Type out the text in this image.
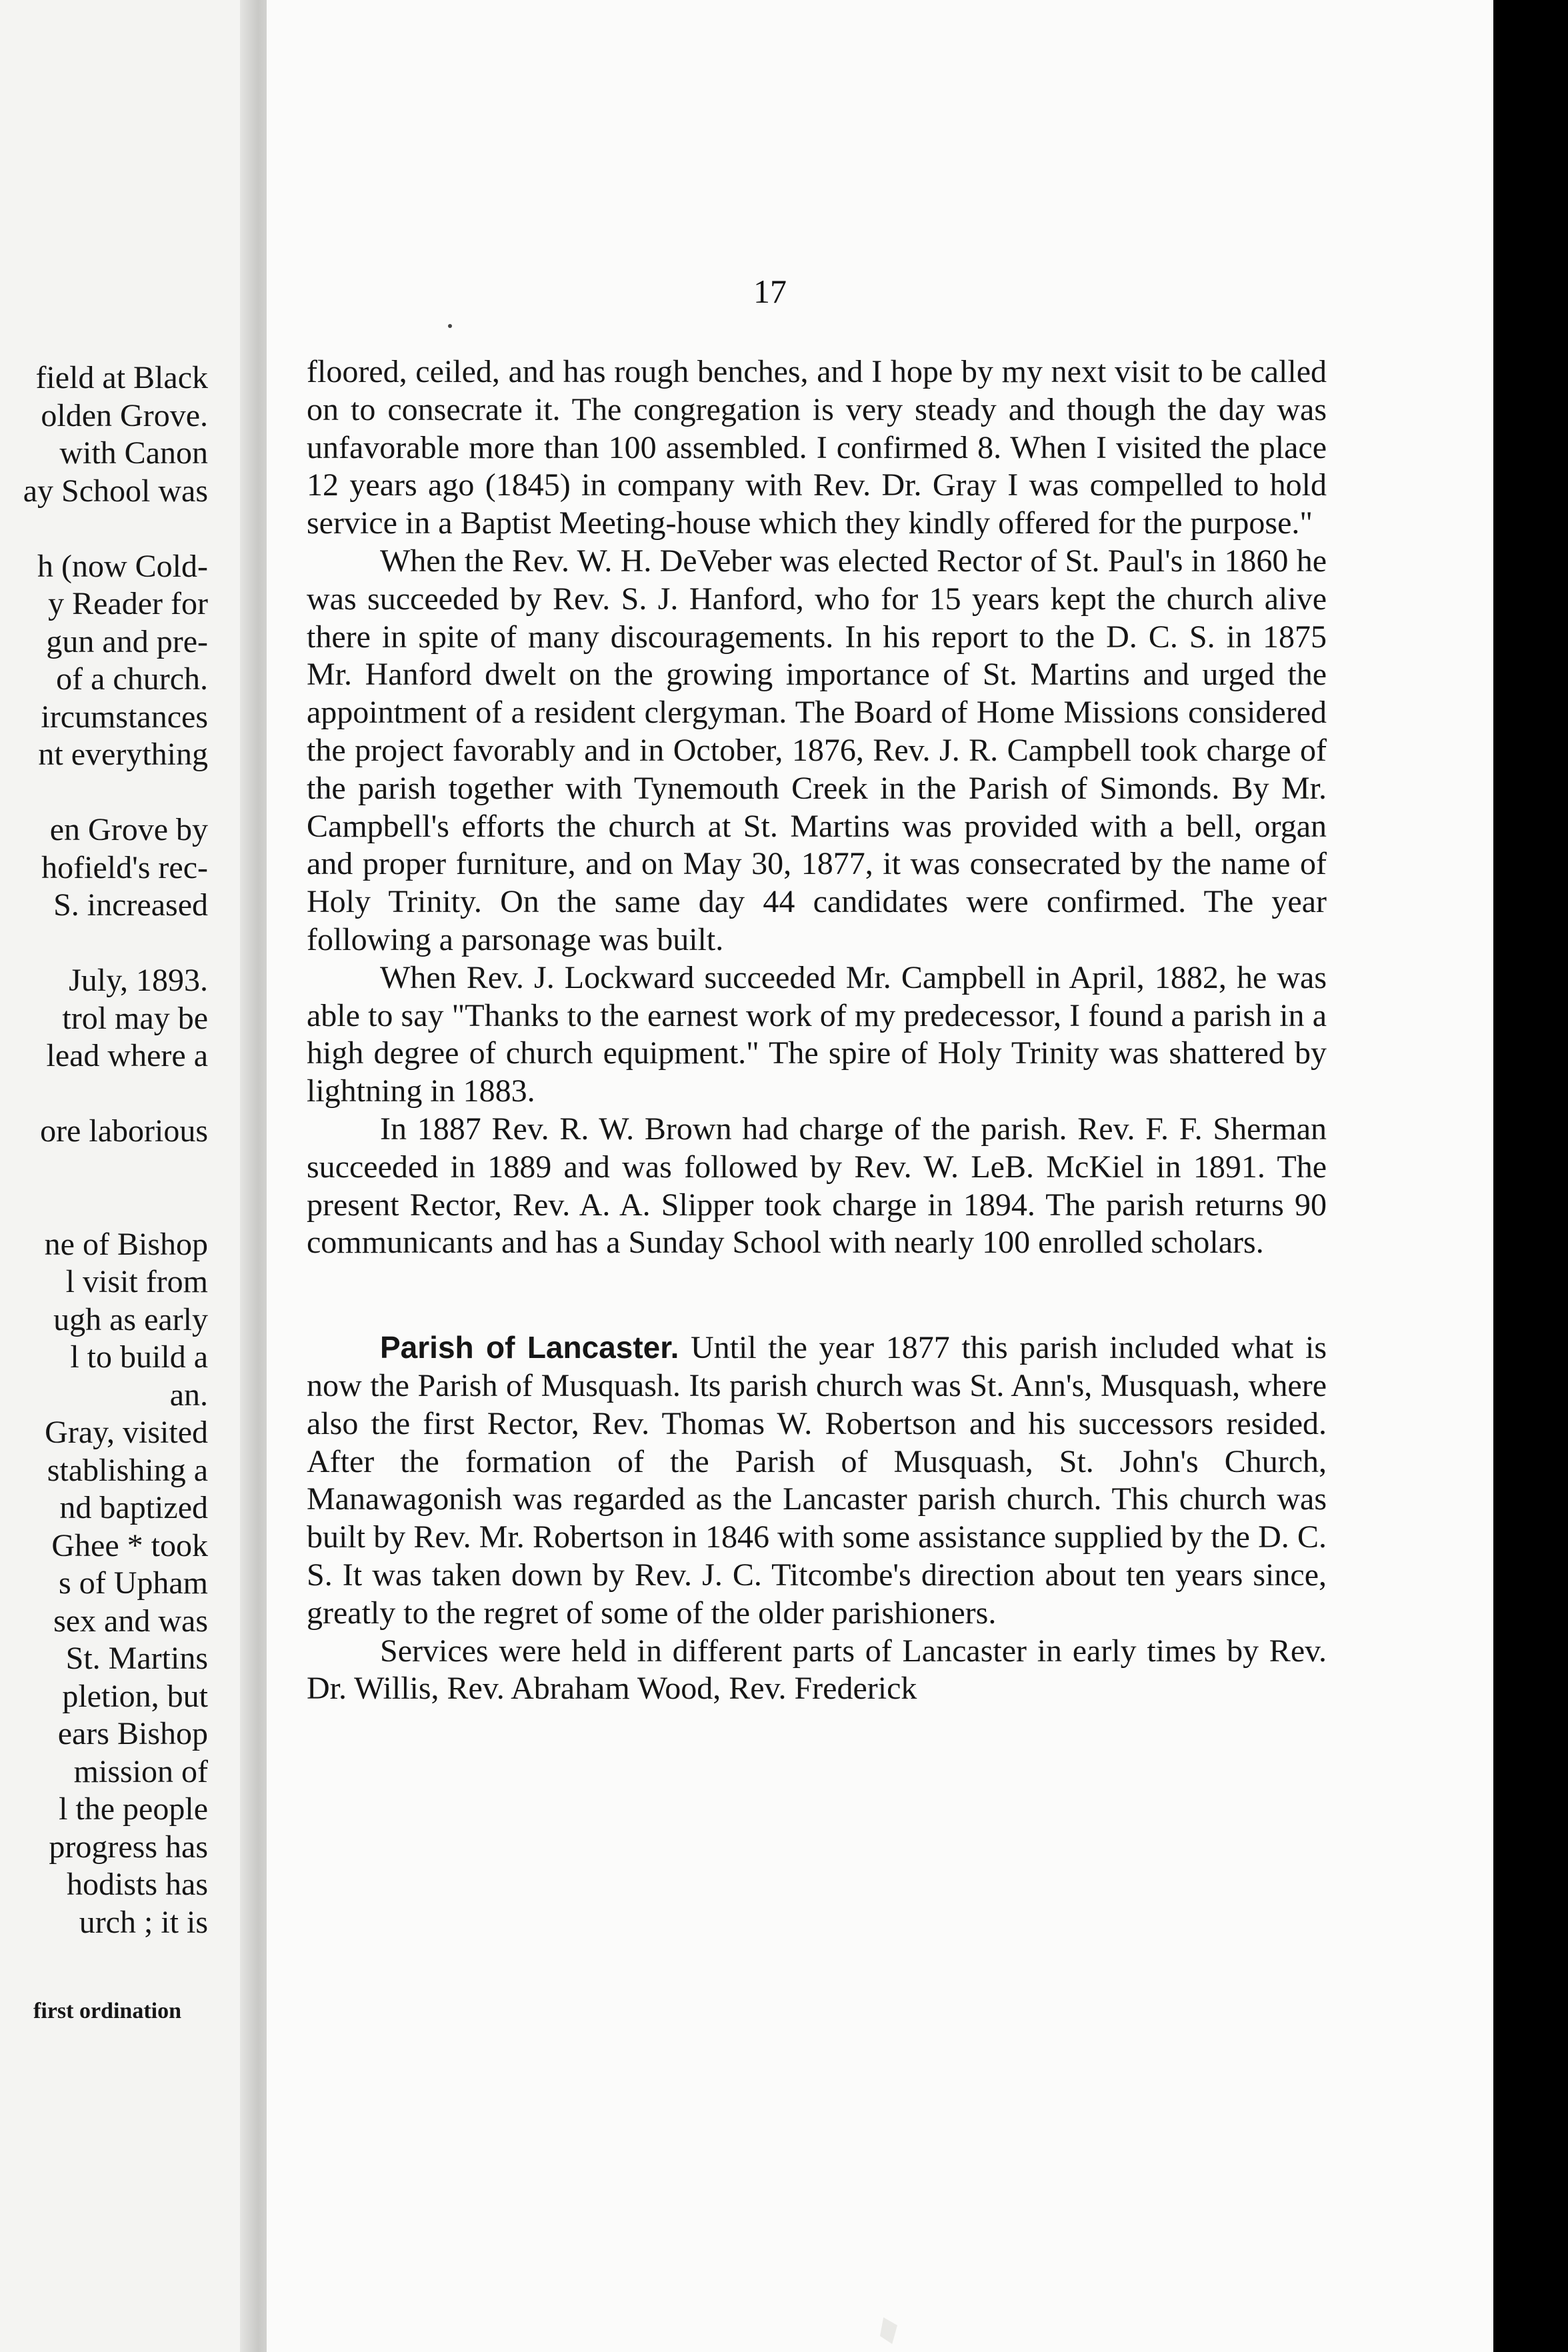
field at Black
olden Grove.
with Canon
ay School was
h (now Cold-
y Reader for
gun and pre-
of a church.
ircumstances
nt everything
en Grove by
hofield's rec-
S. increased
July, 1893.
trol may be
lead where a
ore laborious
ne of Bishop
l visit from
ugh as early
l to build a
an.
Gray, visited
stablishing a
nd baptized
Ghee * took
s of Upham
sex and was
St. Martins
pletion, but
ears Bishop
mission of
l the people
progress has
hodists has
urch ; it is
first ordination
17

floored, ceiled, and has rough benches, and I hope by my next visit to be called on to consecrate it. The congregation is very steady and though the day was unfavorable more than 100 assembled. I confirmed 8. When I visited the place 12 years ago (1845) in company with Rev. Dr. Gray I was compelled to hold service in a Baptist Meeting-house which they kindly offered for the purpose."

When the Rev. W. H. DeVeber was elected Rector of St. Paul's in 1860 he was succeeded by Rev. S. J. Hanford, who for 15 years kept the church alive there in spite of many discouragements. In his report to the D. C. S. in 1875 Mr. Hanford dwelt on the growing importance of St. Martins and urged the appointment of a resident clergyman. The Board of Home Missions considered the project favorably and in October, 1876, Rev. J. R. Campbell took charge of the parish together with Tynemouth Creek in the Parish of Simonds. By Mr. Campbell's efforts the church at St. Martins was provided with a bell, organ and proper furniture, and on May 30, 1877, it was consecrated by the name of Holy Trinity. On the same day 44 candidates were confirmed. The year following a parsonage was built.

When Rev. J. Lockward succeeded Mr. Campbell in April, 1882, he was able to say "Thanks to the earnest work of my predecessor, I found a parish in a high degree of church equipment." The spire of Holy Trinity was shattered by lightning in 1883.

In 1887 Rev. R. W. Brown had charge of the parish. Rev. F. F. Sherman succeeded in 1889 and was followed by Rev. W. LeB. McKiel in 1891. The present Rector, Rev. A. A. Slipper took charge in 1894. The parish returns 90 communicants and has a Sunday School with nearly 100 enrolled scholars.

Parish of Lancaster. Until the year 1877 this parish included what is now the Parish of Musquash. Its parish church was St. Ann's, Musquash, where also the first Rector, Rev. Thomas W. Robertson and his successors resided. After the formation of the Parish of Musquash, St. John's Church, Manawagonish was regarded as the Lancaster parish church. This church was built by Rev. Mr. Robertson in 1846 with some assistance supplied by the D. C. S. It was taken down by Rev. J. C. Titcombe's direction about ten years since, greatly to the regret of some of the older parishioners.

Services were held in different parts of Lancaster in early times by Rev. Dr. Willis, Rev. Abraham Wood, Rev. Frederick
